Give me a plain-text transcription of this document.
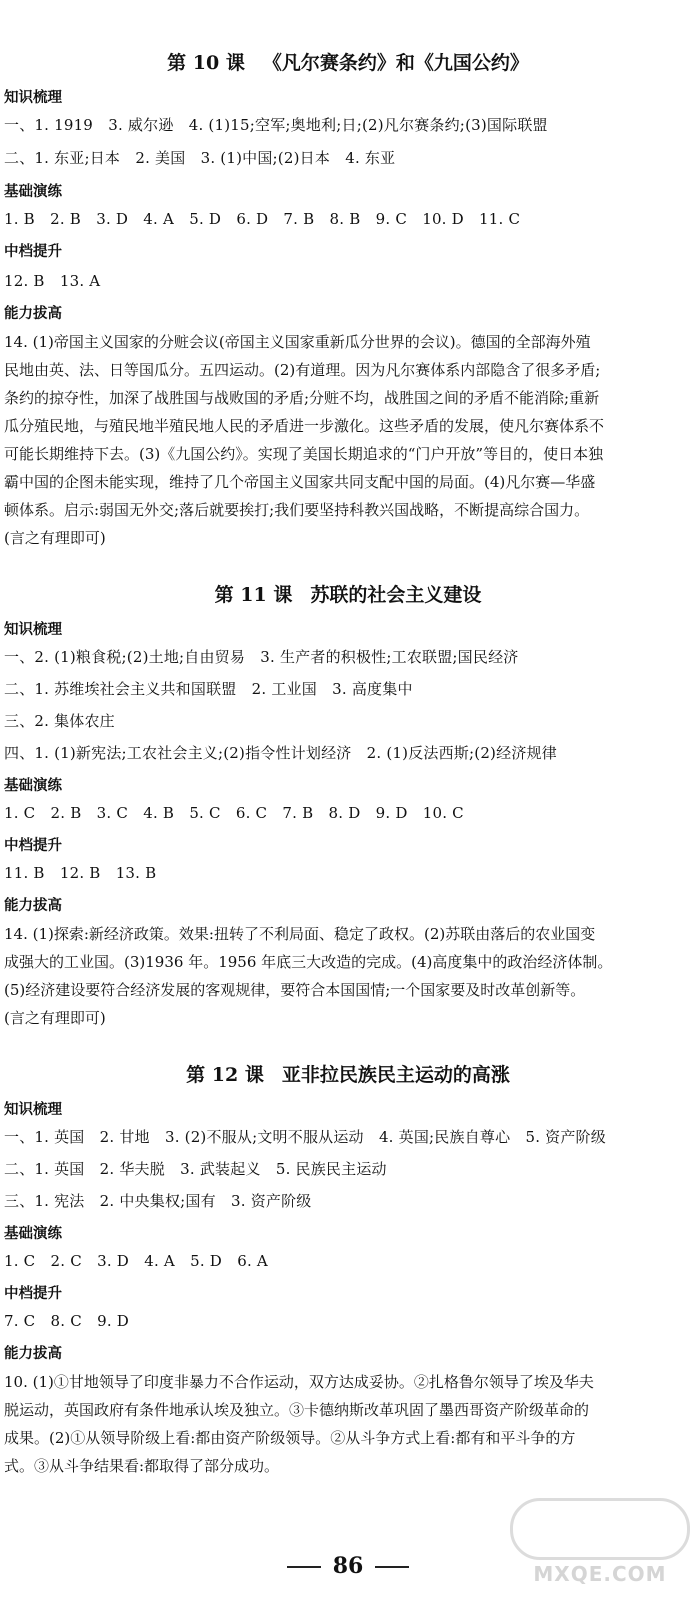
第 10 课 《凡尔赛条约》和《九国公约》

知识梳理

一、1. 1919　3. 威尔逊　4. (1)15;空军;奥地利;日;(2)凡尔赛条约;(3)国际联盟

二、1. 东亚;日本　2. 美国　3. (1)中国;(2)日本　4. 东亚

基础演练

1. B　2. B　3. D　4. A　5. D　6. D　7. B　8. B　9. C　10. D　11. C

中档提升

12. B　13. A

能力拔高

14. (1)帝国主义国家的分赃会议(帝国主义国家重新瓜分世界的会议)。德国的全部海外殖
民地由英、法、日等国瓜分。五四运动。(2)有道理。因为凡尔赛体系内部隐含了很多矛盾;
条约的掠夺性，加深了战胜国与战败国的矛盾;分赃不均，战胜国之间的矛盾不能消除;重新
瓜分殖民地，与殖民地半殖民地人民的矛盾进一步激化。这些矛盾的发展，使凡尔赛体系不
可能长期维持下去。(3)《九国公约》。实现了美国长期追求的“门户开放”等目的，使日本独
霸中国的企图未能实现，维持了几个帝国主义国家共同支配中国的局面。(4)凡尔赛—华盛
顿体系。启示:弱国无外交;落后就要挨打;我们要坚持科教兴国战略，不断提高综合国力。
(言之有理即可)

第 11 课 苏联的社会主义建设

知识梳理

一、2. (1)粮食税;(2)土地;自由贸易　3. 生产者的积极性;工农联盟;国民经济

二、1. 苏维埃社会主义共和国联盟　2. 工业国　3. 高度集中

三、2. 集体农庄

四、1. (1)新宪法;工农社会主义;(2)指令性计划经济　2. (1)反法西斯;(2)经济规律

基础演练

1. C　2. B　3. C　4. B　5. C　6. C　7. B　8. D　9. D　10. C

中档提升

11. B　12. B　13. B

能力拔高

14. (1)探索:新经济政策。效果:扭转了不利局面、稳定了政权。(2)苏联由落后的农业国变
成强大的工业国。(3)1936 年。1956 年底三大改造的完成。(4)高度集中的政治经济体制。
(5)经济建设要符合经济发展的客观规律，要符合本国国情;一个国家要及时改革创新等。
(言之有理即可)

第 12 课 亚非拉民族民主运动的高涨

知识梳理

一、1. 英国　2. 甘地　3. (2)不服从;文明不服从运动　4. 英国;民族自尊心　5. 资产阶级

二、1. 英国　2. 华夫脱　3. 武装起义　5. 民族民主运动

三、1. 宪法　2. 中央集权;国有　3. 资产阶级

基础演练

1. C　2. C　3. D　4. A　5. D　6. A

中档提升

7. C　8. C　9. D

能力拔高

10. (1)①甘地领导了印度非暴力不合作运动，双方达成妥协。②扎格鲁尔领导了埃及华夫
脱运动，英国政府有条件地承认埃及独立。③卡德纳斯改革巩固了墨西哥资产阶级革命的
成果。(2)①从领导阶级上看:都由资产阶级领导。②从斗争方式上看:都有和平斗争的方
式。③从斗争结果看:都取得了部分成功。
86	MXQE.COM
